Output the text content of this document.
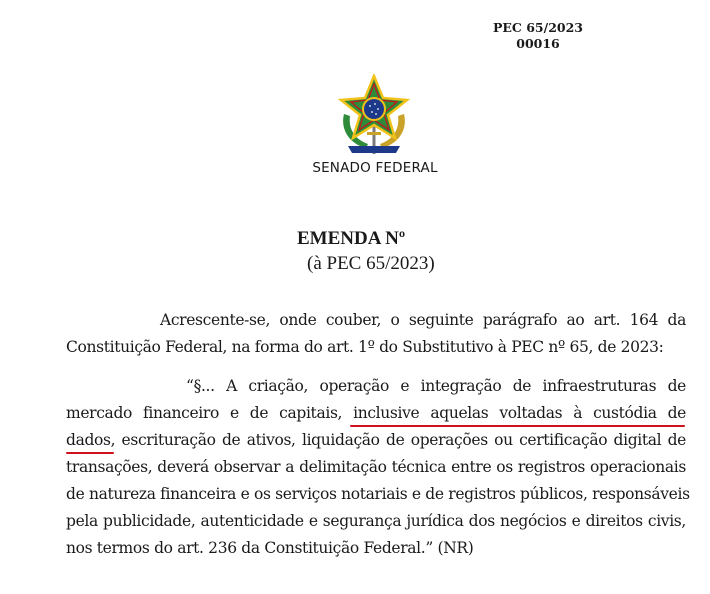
PEC 65/2023
00016
SENADO FEDERAL
EMENDA Nº
(à PEC 65/2023)
Acrescente-se, onde couber, o seguinte parágrafo ao art. 164 da
Constituição Federal, na forma do art. 1º do Substitutivo à PEC nº 65, de 2023:
“§... A criação, operação e integração de infraestruturas de
mercado financeiro e de capitais, inclusive aquelas voltadas à custódia de
dados, escrituração de ativos, liquidação de operações ou certificação digital de
transações, deverá observar a delimitação técnica entre os registros operacionais
de natureza financeira e os serviços notariais e de registros públicos, responsáveis
pela publicidade, autenticidade e segurança jurídica dos negócios e direitos civis,
nos termos do art. 236 da Constituição Federal.” (NR)
